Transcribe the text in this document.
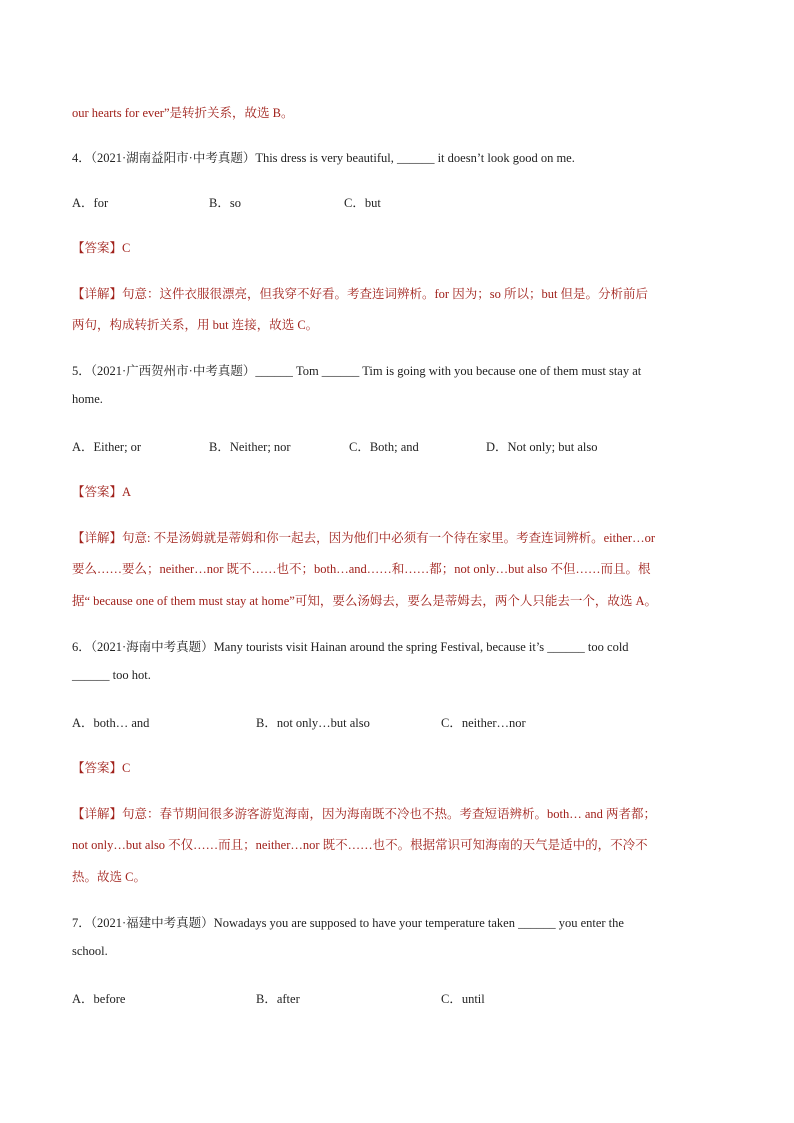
our hearts for ever”是转折关系，故选 B。
4．（2021·湖南益阳市·中考真题）This dress is very beautiful, ______ it doesn’t look good on me.
A．for	B．so	C．but
【答案】C
【详解】句意：这件衣服很漂亮，但我穿不好看。考查连词辨析。for 因为；so 所以；but 但是。分析前后
两句，构成转折关系，用 but 连接，故选 C。
5．（2021·广西贺州市·中考真题）______ Tom ______ Tim is going with you because one of them must stay at
home.
A．Either; or	B．Neither; nor	C．Both; and	D．Not only; but also
【答案】A
【详解】句意: 不是汤姆就是蒂姆和你一起去，因为他们中必须有一个待在家里。考查连词辨析。either…or
要么……要么；neither…nor 既不……也不；both…and……和……都；not only…but also 不但……而且。根
据“ because one of them must stay at home”可知，要么汤姆去，要么是蒂姆去，两个人只能去一个，故选 A。
6．（2021·海南中考真题）Many tourists visit Hainan around the spring Festival, because it’s ______ too cold
______ too hot.
A．both… and	B．not only…but also	C．neither…nor
【答案】C
【详解】句意：春节期间很多游客游览海南，因为海南既不冷也不热。考查短语辨析。both… and 两者都；
not only…but also 不仅……而且；neither…nor 既不……也不。根据常识可知海南的天气是适中的，不冷不
热。故选 C。
7．（2021·福建中考真题）Nowadays you are supposed to have your temperature taken ______ you enter the
school.
A．before	B．after	C．until
